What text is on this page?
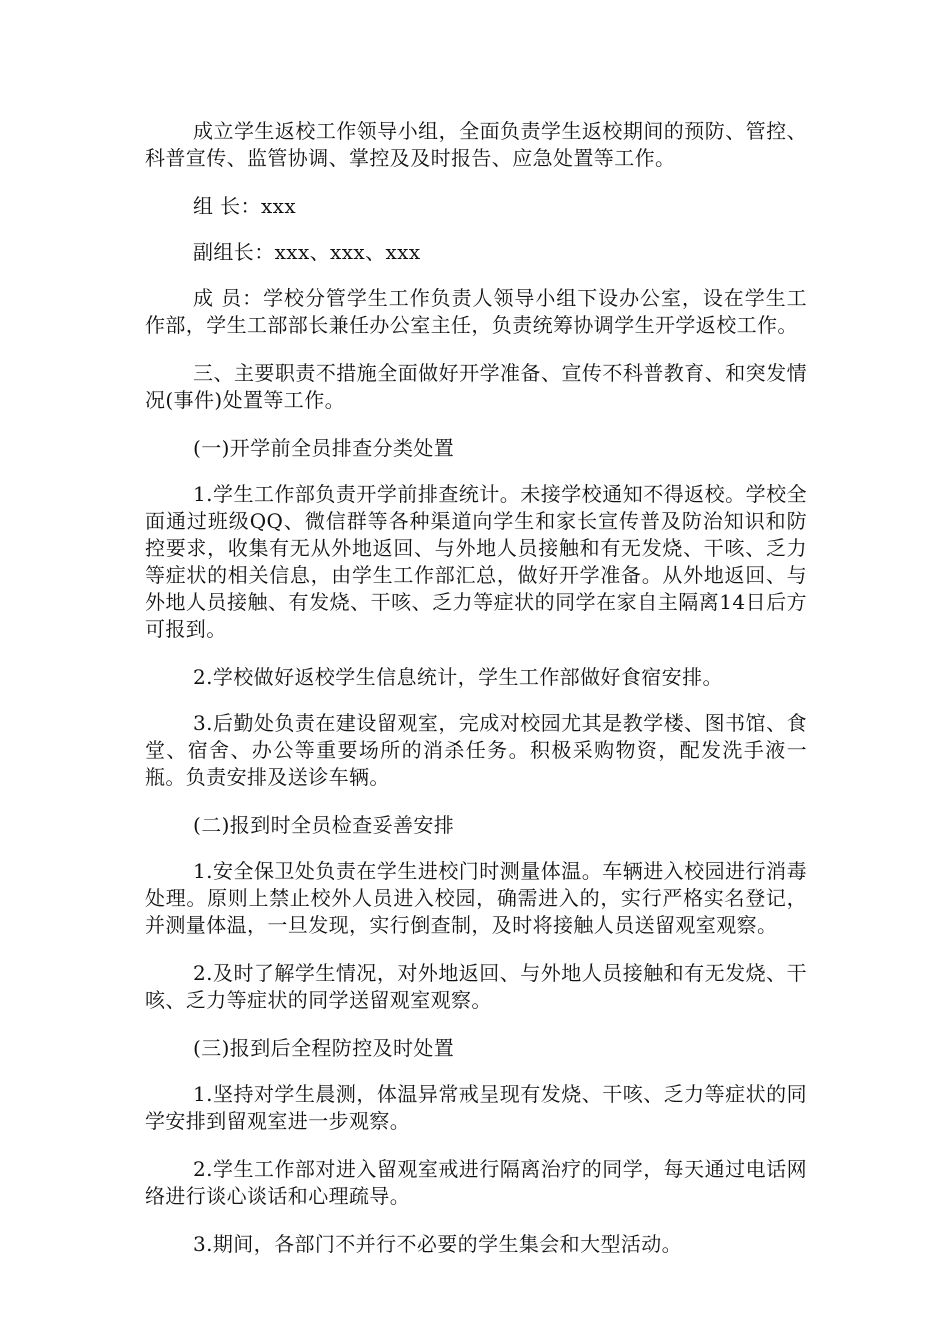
成立学生返校工作领导小组，全面负责学生返校期间的预防、管控、科普宣传、监管协调、掌控及及时报告、应急处置等工作。

组 长：xxx

副组长：xxx、xxx、xxx

成 员：学校分管学生工作负责人领导小组下设办公室，设在学生工作部，学生工部部长兼任办公室主任，负责统筹协调学生开学返校工作。

三、主要职责不措施全面做好开学准备、宣传不科普教育、和突发情况(事件)处置等工作。

(一)开学前全员排查分类处置

1.学生工作部负责开学前排查统计。未接学校通知不得返校。学校全面通过班级QQ、微信群等各种渠道向学生和家长宣传普及防治知识和防控要求，收集有无从外地返回、与外地人员接触和有无发烧、干咳、乏力等症状的相关信息，由学生工作部汇总，做好开学准备。从外地返回、与外地人员接触、有发烧、干咳、乏力等症状的同学在家自主隔离14日后方可报到。

2.学校做好返校学生信息统计，学生工作部做好食宿安排。

3.后勤处负责在建设留观室，完成对校园尤其是教学楼、图书馆、食堂、宿舍、办公等重要场所的消杀任务。积极采购物资，配发洗手液一瓶。负责安排及送诊车辆。

(二)报到时全员检查妥善安排

1.安全保卫处负责在学生进校门时测量体温。车辆进入校园进行消毒处理。原则上禁止校外人员进入校园，确需进入的，实行严格实名登记，并测量体温，一旦发现，实行倒查制，及时将接触人员送留观室观察。

2.及时了解学生情况，对外地返回、与外地人员接触和有无发烧、干咳、乏力等症状的同学送留观室观察。

(三)报到后全程防控及时处置

1.坚持对学生晨测，体温异常戒呈现有发烧、干咳、乏力等症状的同学安排到留观室进一步观察。

2.学生工作部对进入留观室戒进行隔离治疗的同学，每天通过电话网络进行谈心谈话和心理疏导。

3.期间，各部门不并行不必要的学生集会和大型活动。
